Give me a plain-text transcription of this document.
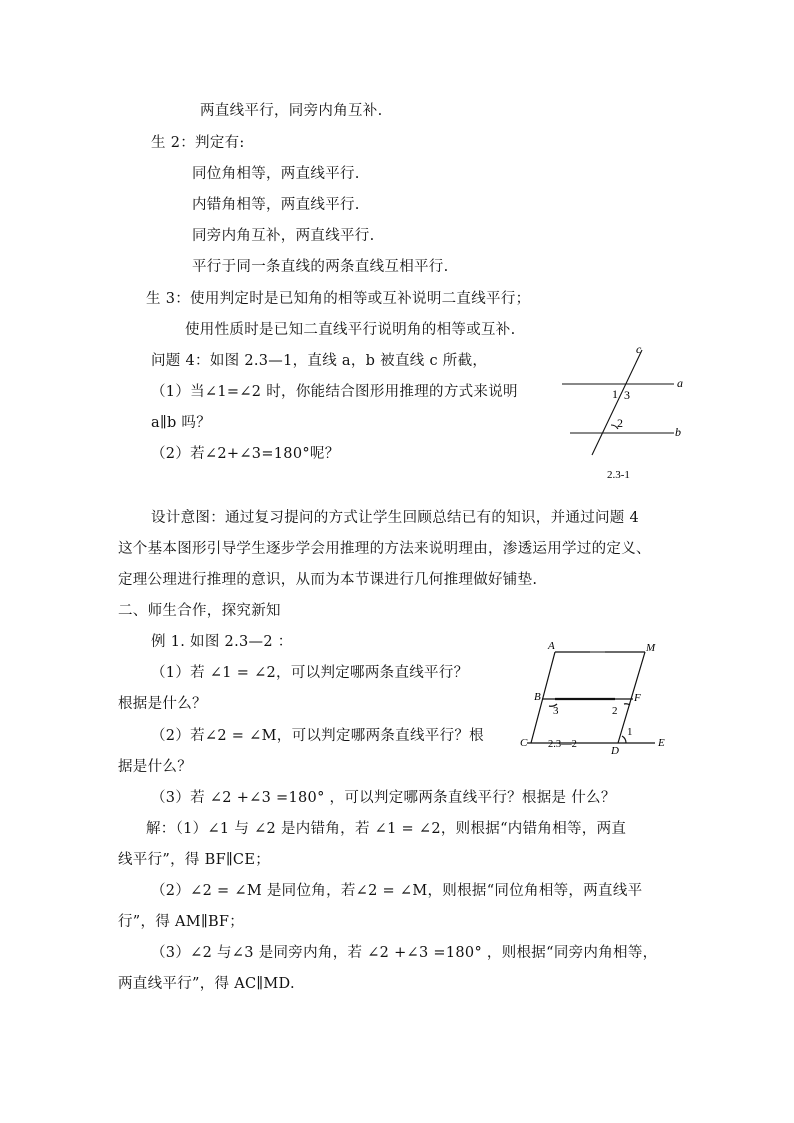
两直线平行，同旁内角互补.
生 2：判定有:
同位角相等，两直线平行.
内错角相等，两直线平行.
同旁内角互补，两直线平行.
平行于同一条直线的两条直线互相平行.
生 3：使用判定时是已知角的相等或互补说明二直线平行；
使用性质时是已知二直线平行说明角的相等或互补.
问题 4：如图 2.3—1，直线 a，b 被直线 c 所截，
（1）当∠1=∠2 时，你能结合图形用推理的方式来说明
a∥b 吗？
（2）若∠2+∠3=180°呢？
设计意图：通过复习提问的方式让学生回顾总结已有的知识，并通过问题 4
这个基本图形引导学生逐步学会用推理的方法来说明理由，渗透运用学过的定义、
定理公理进行推理的意识，从而为本节课进行几何推理做好铺垫.
二、师生合作，探究新知
例 1. 如图 2.3—2 ：
（1）若 ∠1 = ∠2，可以判定哪两条直线平行？
根据是什么？
（2）若∠2 = ∠M，可以判定哪两条直线平行？根
据是什么？
（3）若 ∠2 +∠3 =180° ，可以判定哪两条直线平行？根据是 什么？
解：（1）∠1 与 ∠2 是内错角，若 ∠1 = ∠2，则根据“内错角相等，两直
线平行”，得 BF∥CE；
（2）∠2 = ∠M 是同位角，若∠2 = ∠M，则根据“同位角相等，两直线平
行”，得 AM∥BF；
（3）∠2 与∠3 是同旁内角，若 ∠2 +∠3 =180° ，则根据“同旁内角相等，
两直线平行”，得 AC∥MD.
c
a
b
1 3
2
2.3-1
A	M
B	F
C
D
E
3	2
1
2.3—2
